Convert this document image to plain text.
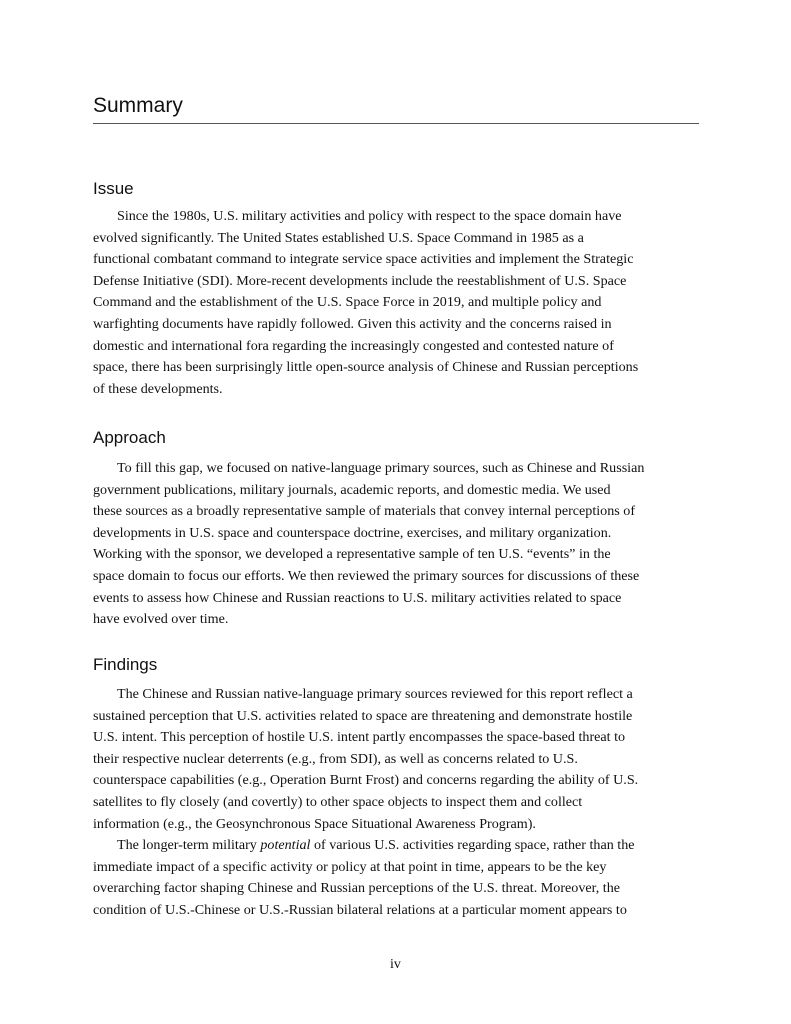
Summary
Issue

Since the 1980s, U.S. military activities and policy with respect to the space domain have
evolved significantly. The United States established U.S. Space Command in 1985 as a
functional combatant command to integrate service space activities and implement the Strategic
Defense Initiative (SDI). More-recent developments include the reestablishment of U.S. Space
Command and the establishment of the U.S. Space Force in 2019, and multiple policy and
warfighting documents have rapidly followed. Given this activity and the concerns raised in
domestic and international fora regarding the increasingly congested and contested nature of
space, there has been surprisingly little open-source analysis of Chinese and Russian perceptions
of these developments.

Approach

To fill this gap, we focused on native-language primary sources, such as Chinese and Russian
government publications, military journals, academic reports, and domestic media. We used
these sources as a broadly representative sample of materials that convey internal perceptions of
developments in U.S. space and counterspace doctrine, exercises, and military organization.
Working with the sponsor, we developed a representative sample of ten U.S. “events” in the
space domain to focus our efforts. We then reviewed the primary sources for discussions of these
events to assess how Chinese and Russian reactions to U.S. military activities related to space
have evolved over time.

Findings

The Chinese and Russian native-language primary sources reviewed for this report reflect a
sustained perception that U.S. activities related to space are threatening and demonstrate hostile
U.S. intent. This perception of hostile U.S. intent partly encompasses the space-based threat to
their respective nuclear deterrents (e.g., from SDI), as well as concerns related to U.S.
counterspace capabilities (e.g., Operation Burnt Frost) and concerns regarding the ability of U.S.
satellites to fly closely (and covertly) to other space objects to inspect them and collect
information (e.g., the Geosynchronous Space Situational Awareness Program).

The longer-term military potential of various U.S. activities regarding space, rather than the
immediate impact of a specific activity or policy at that point in time, appears to be the key
overarching factor shaping Chinese and Russian perceptions of the U.S. threat. Moreover, the
condition of U.S.-Chinese or U.S.-Russian bilateral relations at a particular moment appears to

iv
